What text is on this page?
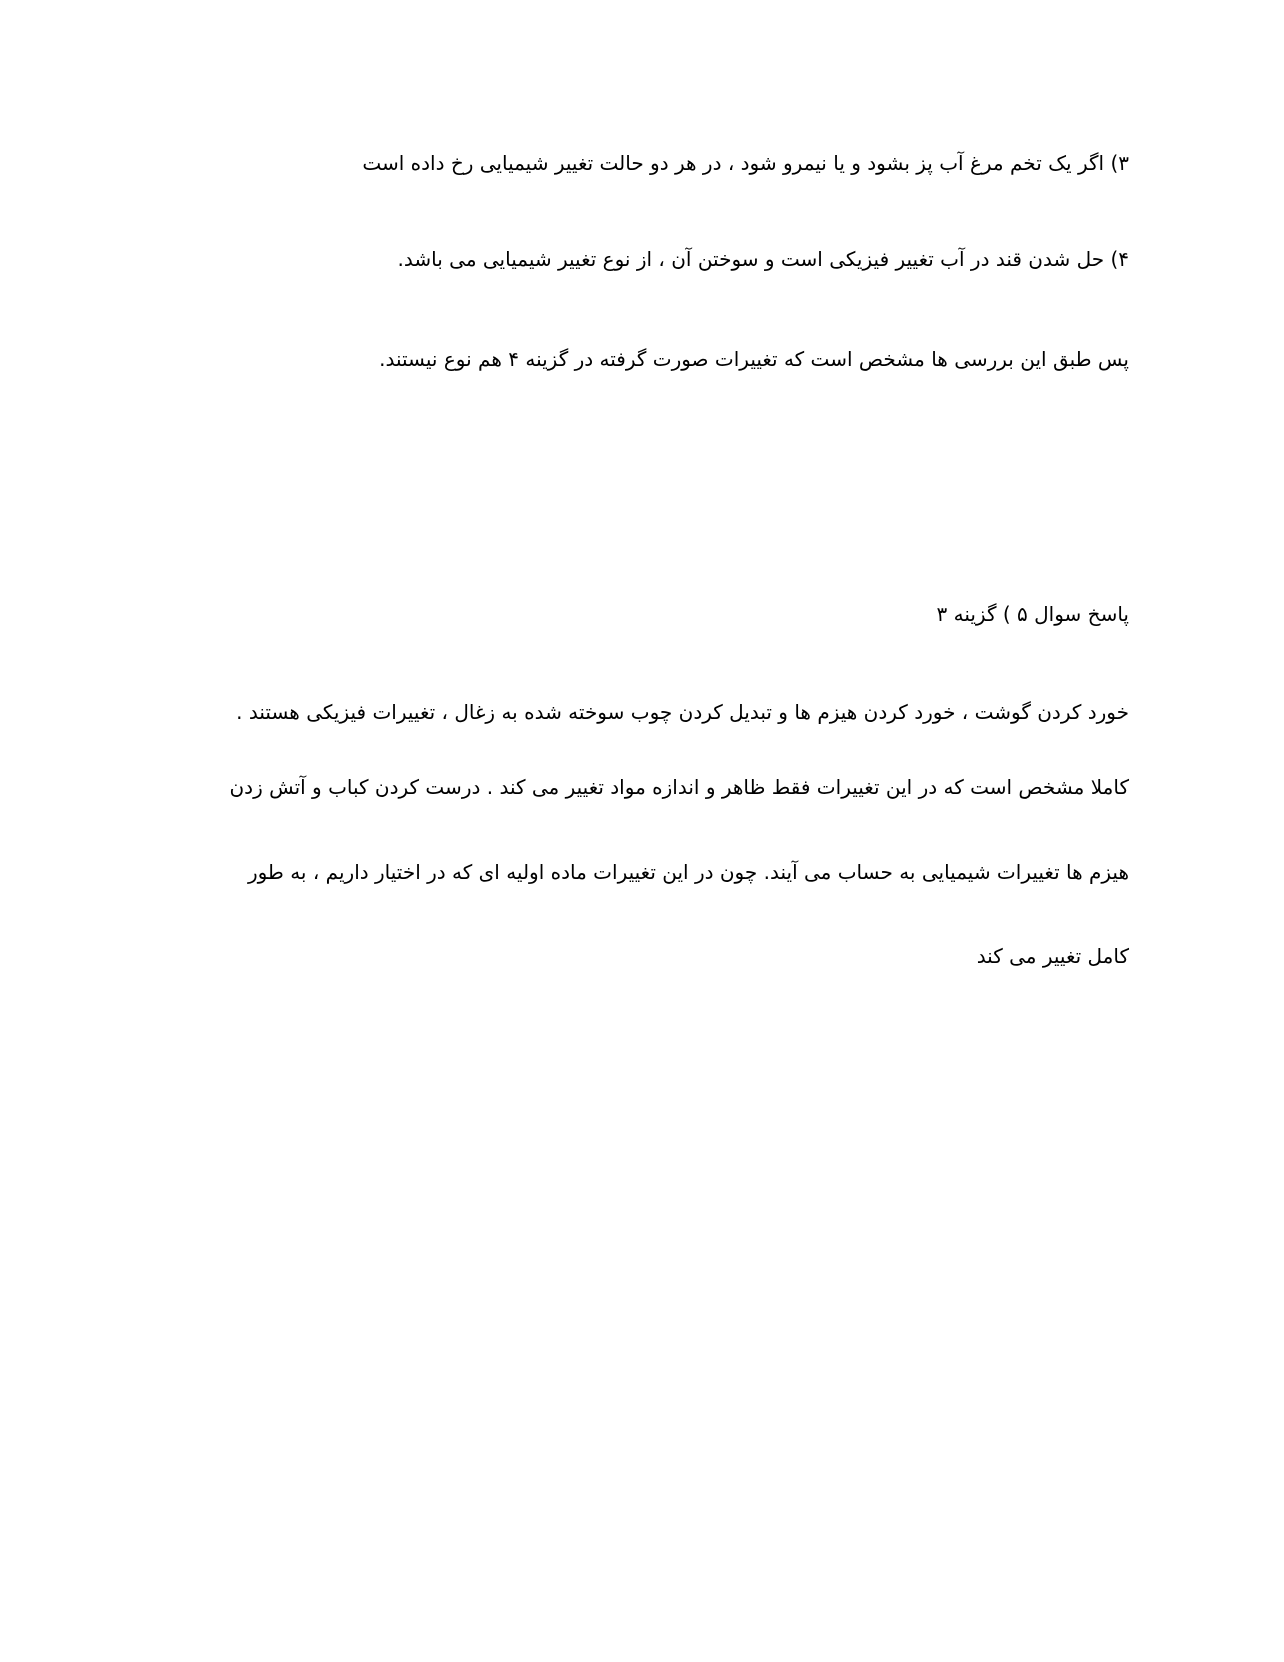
۳) اگر یک تخم مرغ آب پز بشود و یا نیمرو شود ، در هر دو حالت تغییر شیمیایی رخ داده است
۴) حل شدن قند در آب تغییر فیزیکی است و سوختن آن ، از نوع تغییر شیمیایی می باشد.
پس طبق این بررسی ها مشخص است که تغییرات صورت گرفته در گزینه ۴ هم نوع نیستند.
پاسخ سوال ۵ ) گزینه ۳
خورد کردن گوشت ، خورد کردن هیزم ها و تبدیل کردن چوب سوخته شده به زغال ، تغییرات فیزیکی هستند .
کاملا مشخص است که در این تغییرات فقط ظاهر و اندازه مواد تغییر می کند . درست کردن کباب و آتش زدن
هیزم ها تغییرات شیمیایی به حساب می آیند. چون در این تغییرات ماده اولیه ای که در اختیار داریم ، به طور
کامل تغییر می کند
